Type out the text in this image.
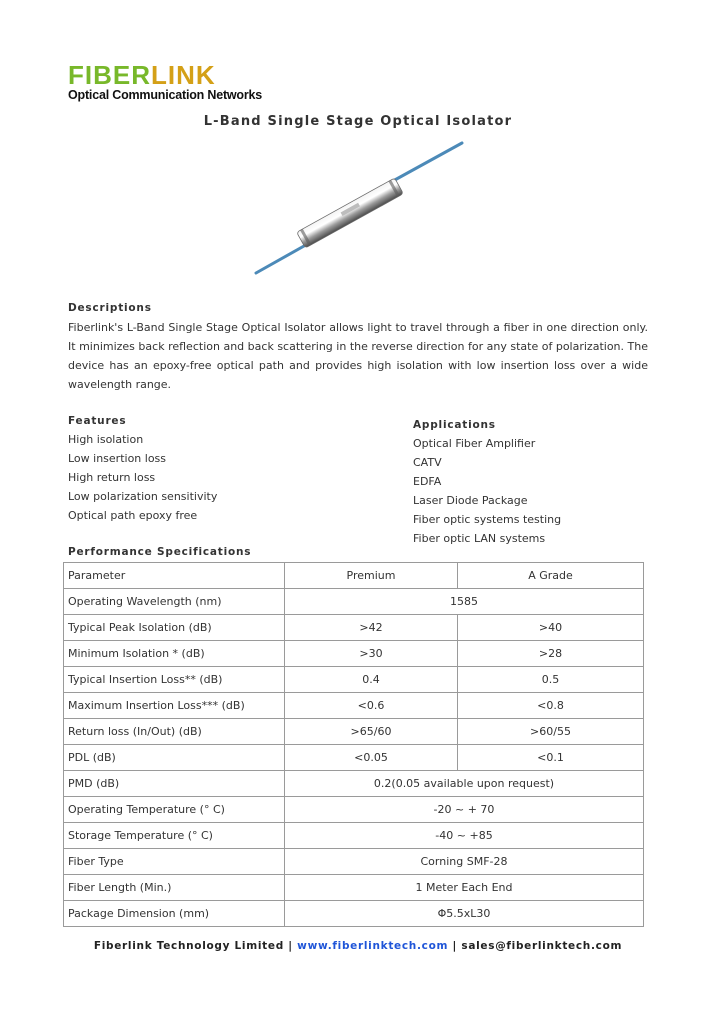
FIBERLINK
Optical Communication Networks
L-Band Single Stage Optical Isolator
Descriptions
Fiberlink's L-Band Single Stage Optical Isolator allows light to travel through a fiber in one direction only. It minimizes back reflection and back scattering in the reverse direction for any state of polarization. The device has an epoxy-free optical path and provides high isolation with low insertion loss over a wide wavelength range.
Features
High isolation
Low insertion loss
High return loss
Low polarization sensitivity
Optical path epoxy free
Applications
Optical Fiber Amplifier
CATV
EDFA
Laser Diode Package
Fiber optic systems testing
Fiber optic LAN systems
Performance Specifications
Parameter	Premium	A Grade
Operating Wavelength (nm)	1585	
Typical Peak Isolation (dB)	>42	>40
Minimum Isolation * (dB)	>30	>28
Typical Insertion Loss** (dB)	0.4	0.5
Maximum Insertion Loss*** (dB)	<0.6	<0.8
Return loss (In/Out) (dB)	>65/60	>60/55
PDL (dB)	<0.05	<0.1
PMD (dB)	0.2(0.05 available upon request)	
Operating Temperature (° C)	-20 ~ + 70	
Storage Temperature (° C)	-40 ~ +85	
Fiber Type	Corning SMF-28	
Fiber Length (Min.)	1 Meter Each End	
Package Dimension (mm)	Φ5.5xL30	
Fiberlink Technology Limited | www.fiberlinktech.com | sales@fiberlinktech.com
